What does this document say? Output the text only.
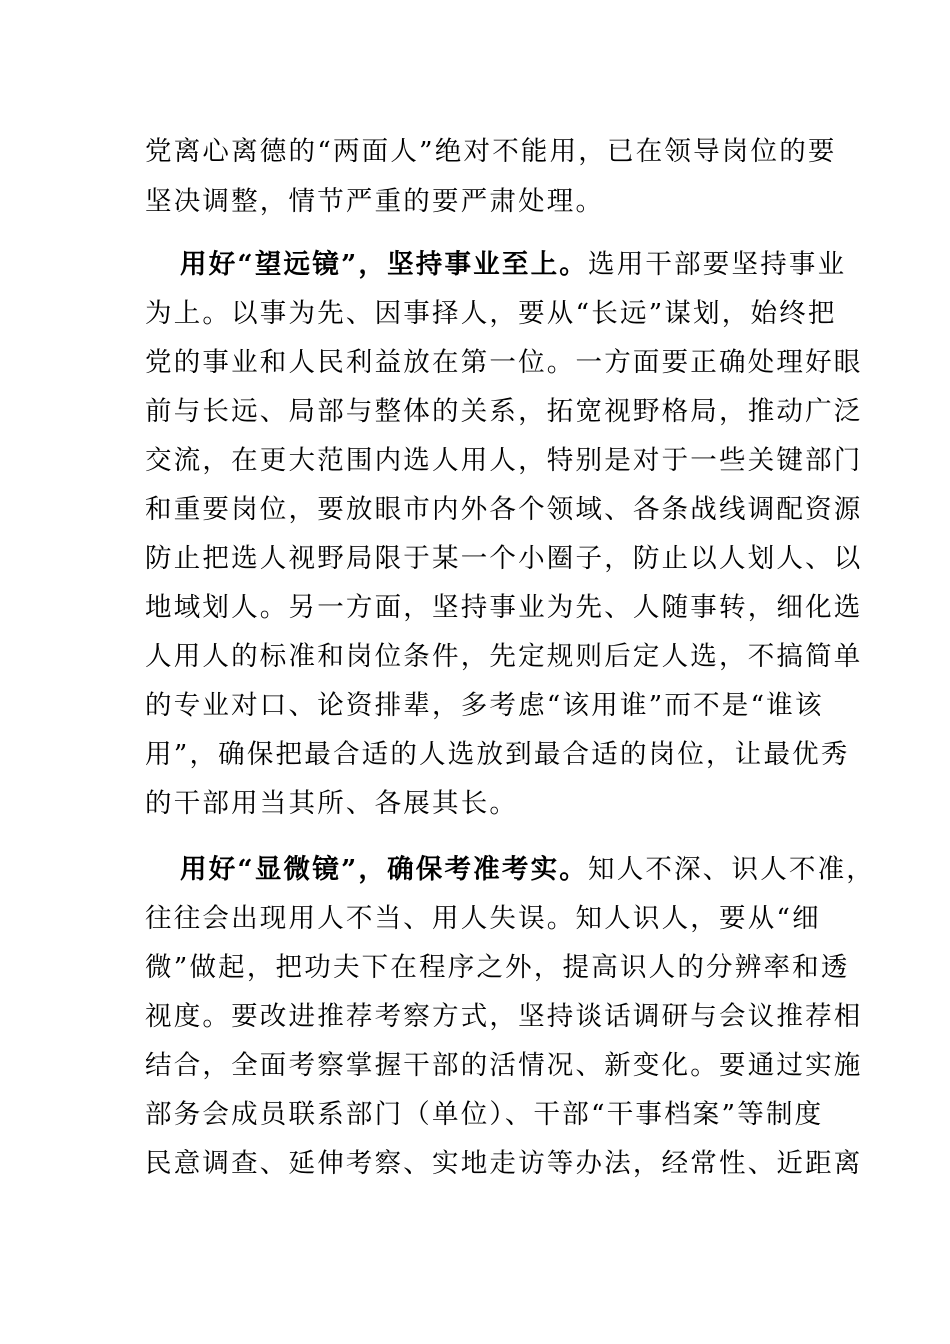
党离心离德的“两面人”绝对不能用，已在领导岗位的要
坚决调整，情节严重的要严肃处理。
用好“望远镜”，坚持事业至上。选用干部要坚持事业
为上。以事为先、因事择人，要从“长远”谋划，始终把
党的事业和人民利益放在第一位。一方面要正确处理好眼
前与长远、局部与整体的关系，拓宽视野格局，推动广泛
交流，在更大范围内选人用人，特别是对于一些关键部门
和重要岗位，要放眼市内外各个领域、各条战线调配资源
防止把选人视野局限于某一个小圈子，防止以人划人、以
地域划人。另一方面，坚持事业为先、人随事转，细化选
人用人的标准和岗位条件，先定规则后定人选，不搞简单
的专业对口、论资排辈，多考虑“该用谁”而不是“谁该
用”，确保把最合适的人选放到最合适的岗位，让最优秀
的干部用当其所、各展其长。
用好“显微镜”，确保考准考实。知人不深、识人不准，
往往会出现用人不当、用人失误。知人识人，要从“细
微”做起，把功夫下在程序之外，提高识人的分辨率和透
视度。要改进推荐考察方式，坚持谈话调研与会议推荐相
结合，全面考察掌握干部的活情况、新变化。要通过实施
部务会成员联系部门（单位）、干部“干事档案”等制度
民意调查、延伸考察、实地走访等办法，经常性、近距离
